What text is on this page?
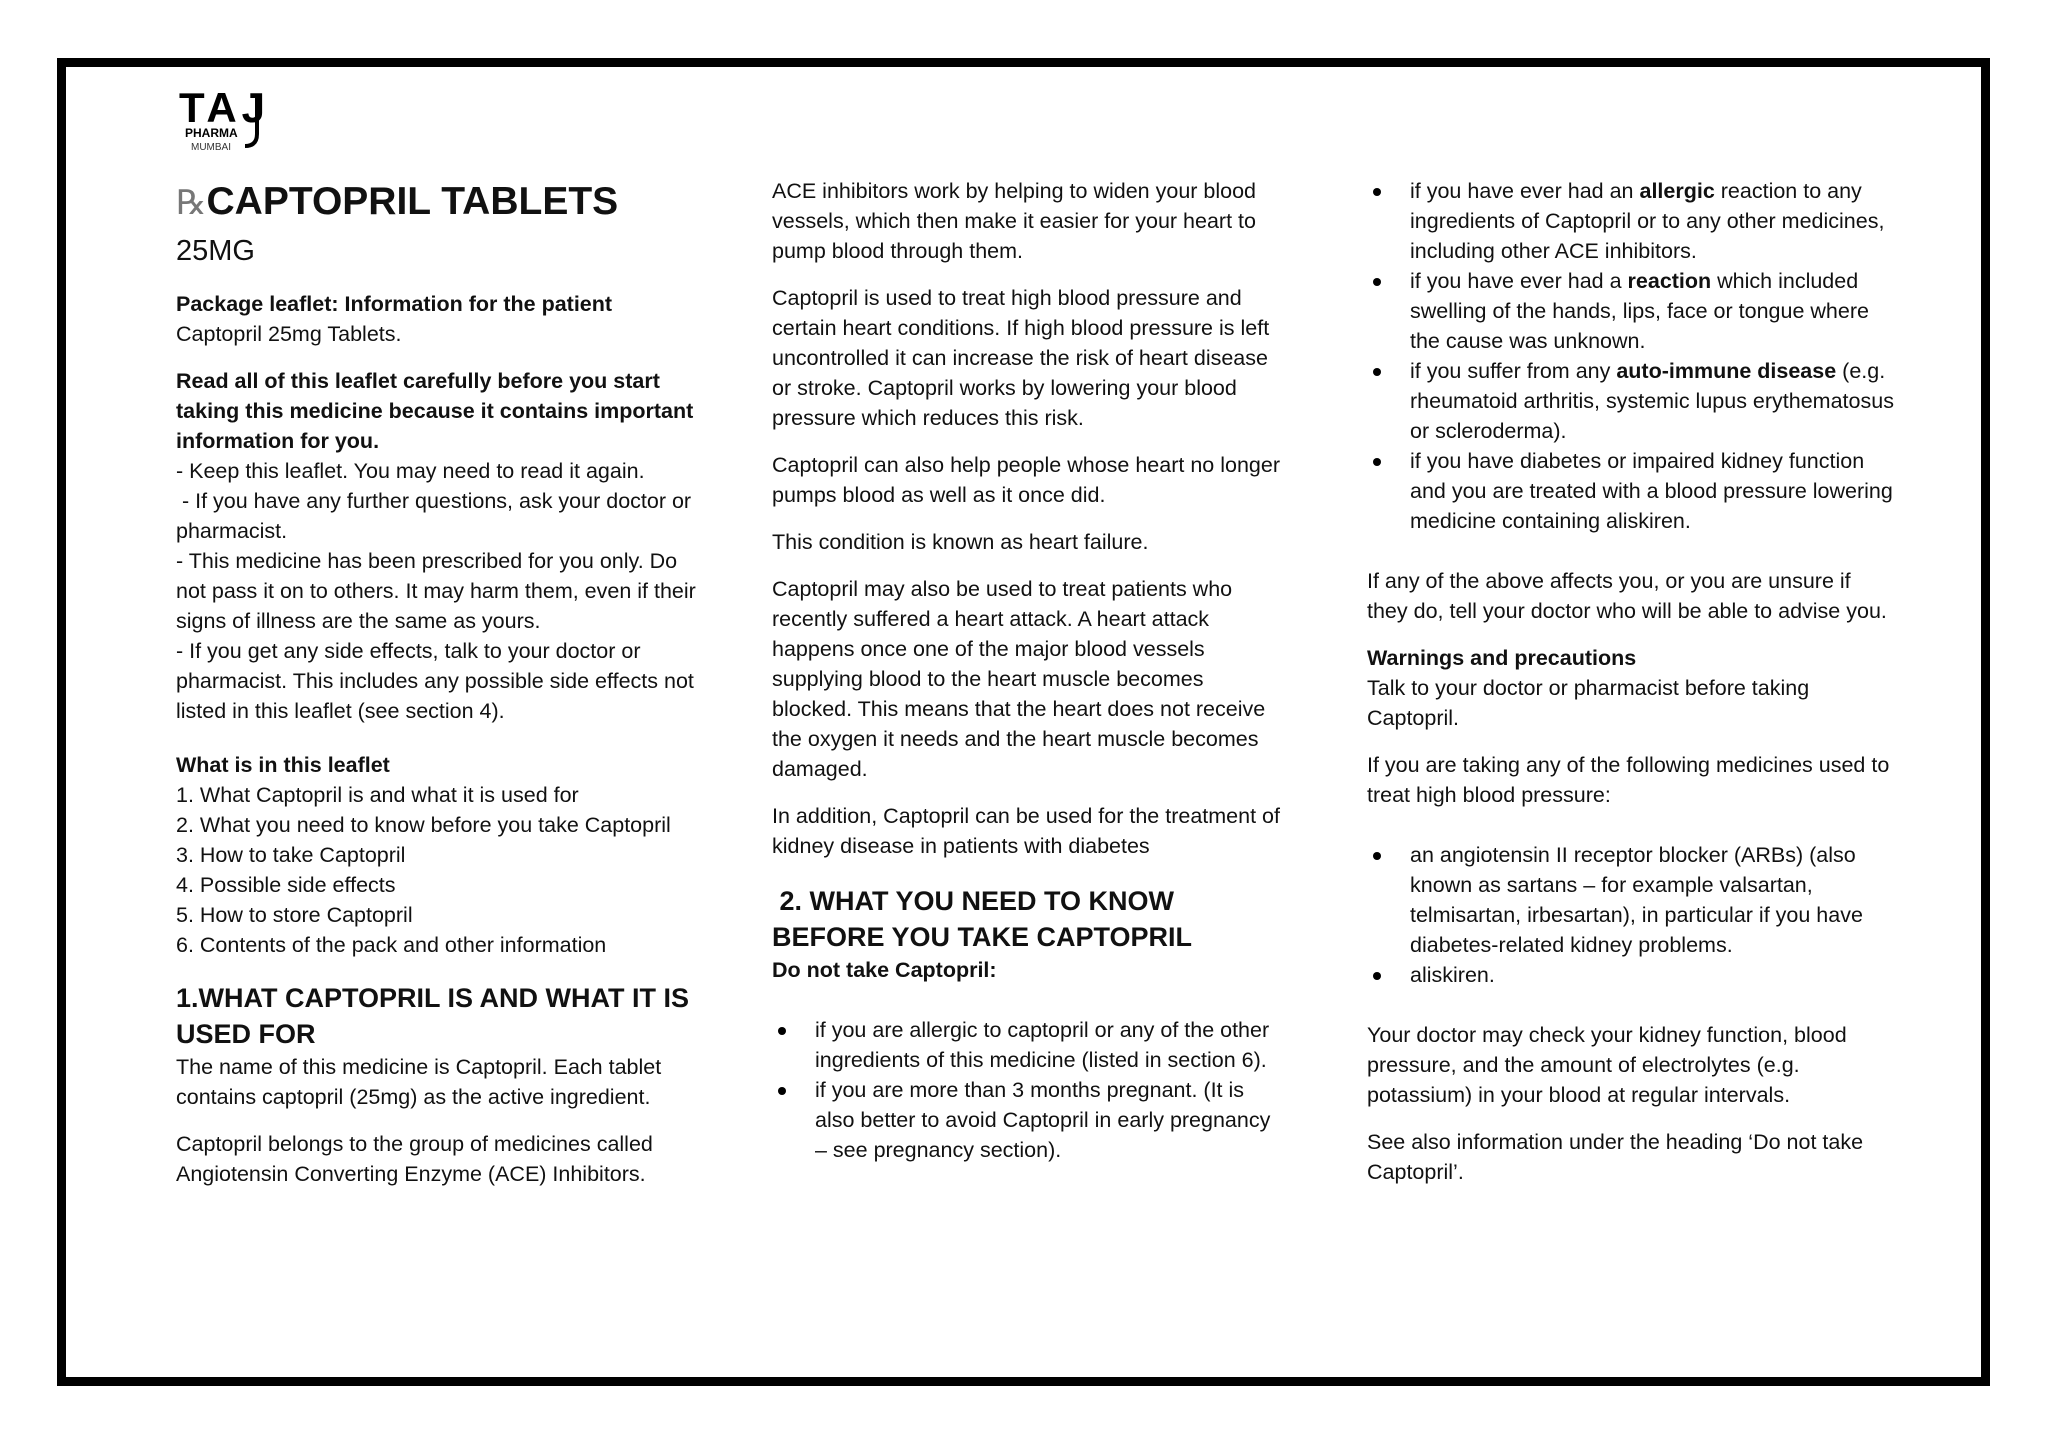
TAJ
PHARMA
MUMBAI
℞ CAPTOPRIL TABLETS
25MG

Package leaflet: Information for the patient
Captopril 25mg Tablets.

Read all of this leaflet carefully before you start taking this medicine because it contains important information for you.
- Keep this leaflet. You may need to read it again.
- If you have any further questions, ask your doctor or pharmacist.
- This medicine has been prescribed for you only. Do not pass it on to others. It may harm them, even if their signs of illness are the same as yours.
- If you get any side effects, talk to your doctor or pharmacist. This includes any possible side effects not listed in this leaflet (see section 4).

What is in this leaflet
1. What Captopril is and what it is used for
2. What you need to know before you take Captopril
3. How to take Captopril
4. Possible side effects
5. How to store Captopril
6. Contents of the pack and other information

1.WHAT CAPTOPRIL IS AND WHAT IT IS USED FOR

The name of this medicine is Captopril. Each tablet contains captopril (25mg) as the active ingredient.

Captopril belongs to the group of medicines called Angiotensin Converting Enzyme (ACE) Inhibitors.

ACE inhibitors work by helping to widen your blood vessels, which then make it easier for your heart to pump blood through them.

Captopril is used to treat high blood pressure and certain heart conditions. If high blood pressure is left uncontrolled it can increase the risk of heart disease or stroke. Captopril works by lowering your blood pressure which reduces this risk.

Captopril can also help people whose heart no longer pumps blood as well as it once did.

This condition is known as heart failure.

Captopril may also be used to treat patients who recently suffered a heart attack. A heart attack happens once one of the major blood vessels supplying blood to the heart muscle becomes blocked. This means that the heart does not receive the oxygen it needs and the heart muscle becomes damaged.

In addition, Captopril can be used for the treatment of kidney disease in patients with diabetes

2. WHAT YOU NEED TO KNOW BEFORE YOU TAKE CAPTOPRIL
Do not take Captopril:
if you are allergic to captopril or any of the other ingredients of this medicine (listed in section 6).
if you are more than 3 months pregnant. (It is also better to avoid Captopril in early pregnancy – see pregnancy section).
if you have ever had an allergic reaction to any ingredients of Captopril or to any other medicines, including other ACE inhibitors.
if you have ever had a reaction which included swelling of the hands, lips, face or tongue where the cause was unknown.
if you suffer from any auto-immune disease (e.g. rheumatoid arthritis, systemic lupus erythematosus or scleroderma).
if you have diabetes or impaired kidney function and you are treated with a blood pressure lowering medicine containing aliskiren.

If any of the above affects you, or you are unsure if they do, tell your doctor who will be able to advise you.

Warnings and precautions
Talk to your doctor or pharmacist before taking Captopril.

If you are taking any of the following medicines used to treat high blood pressure:

an angiotensin II receptor blocker (ARBs) (also known as sartans – for example valsartan, telmisartan, irbesartan), in particular if you have diabetes-related kidney problems.
aliskiren.

Your doctor may check your kidney function, blood pressure, and the amount of electrolytes (e.g. potassium) in your blood at regular intervals.

See also information under the heading ‘Do not take Captopril’.
